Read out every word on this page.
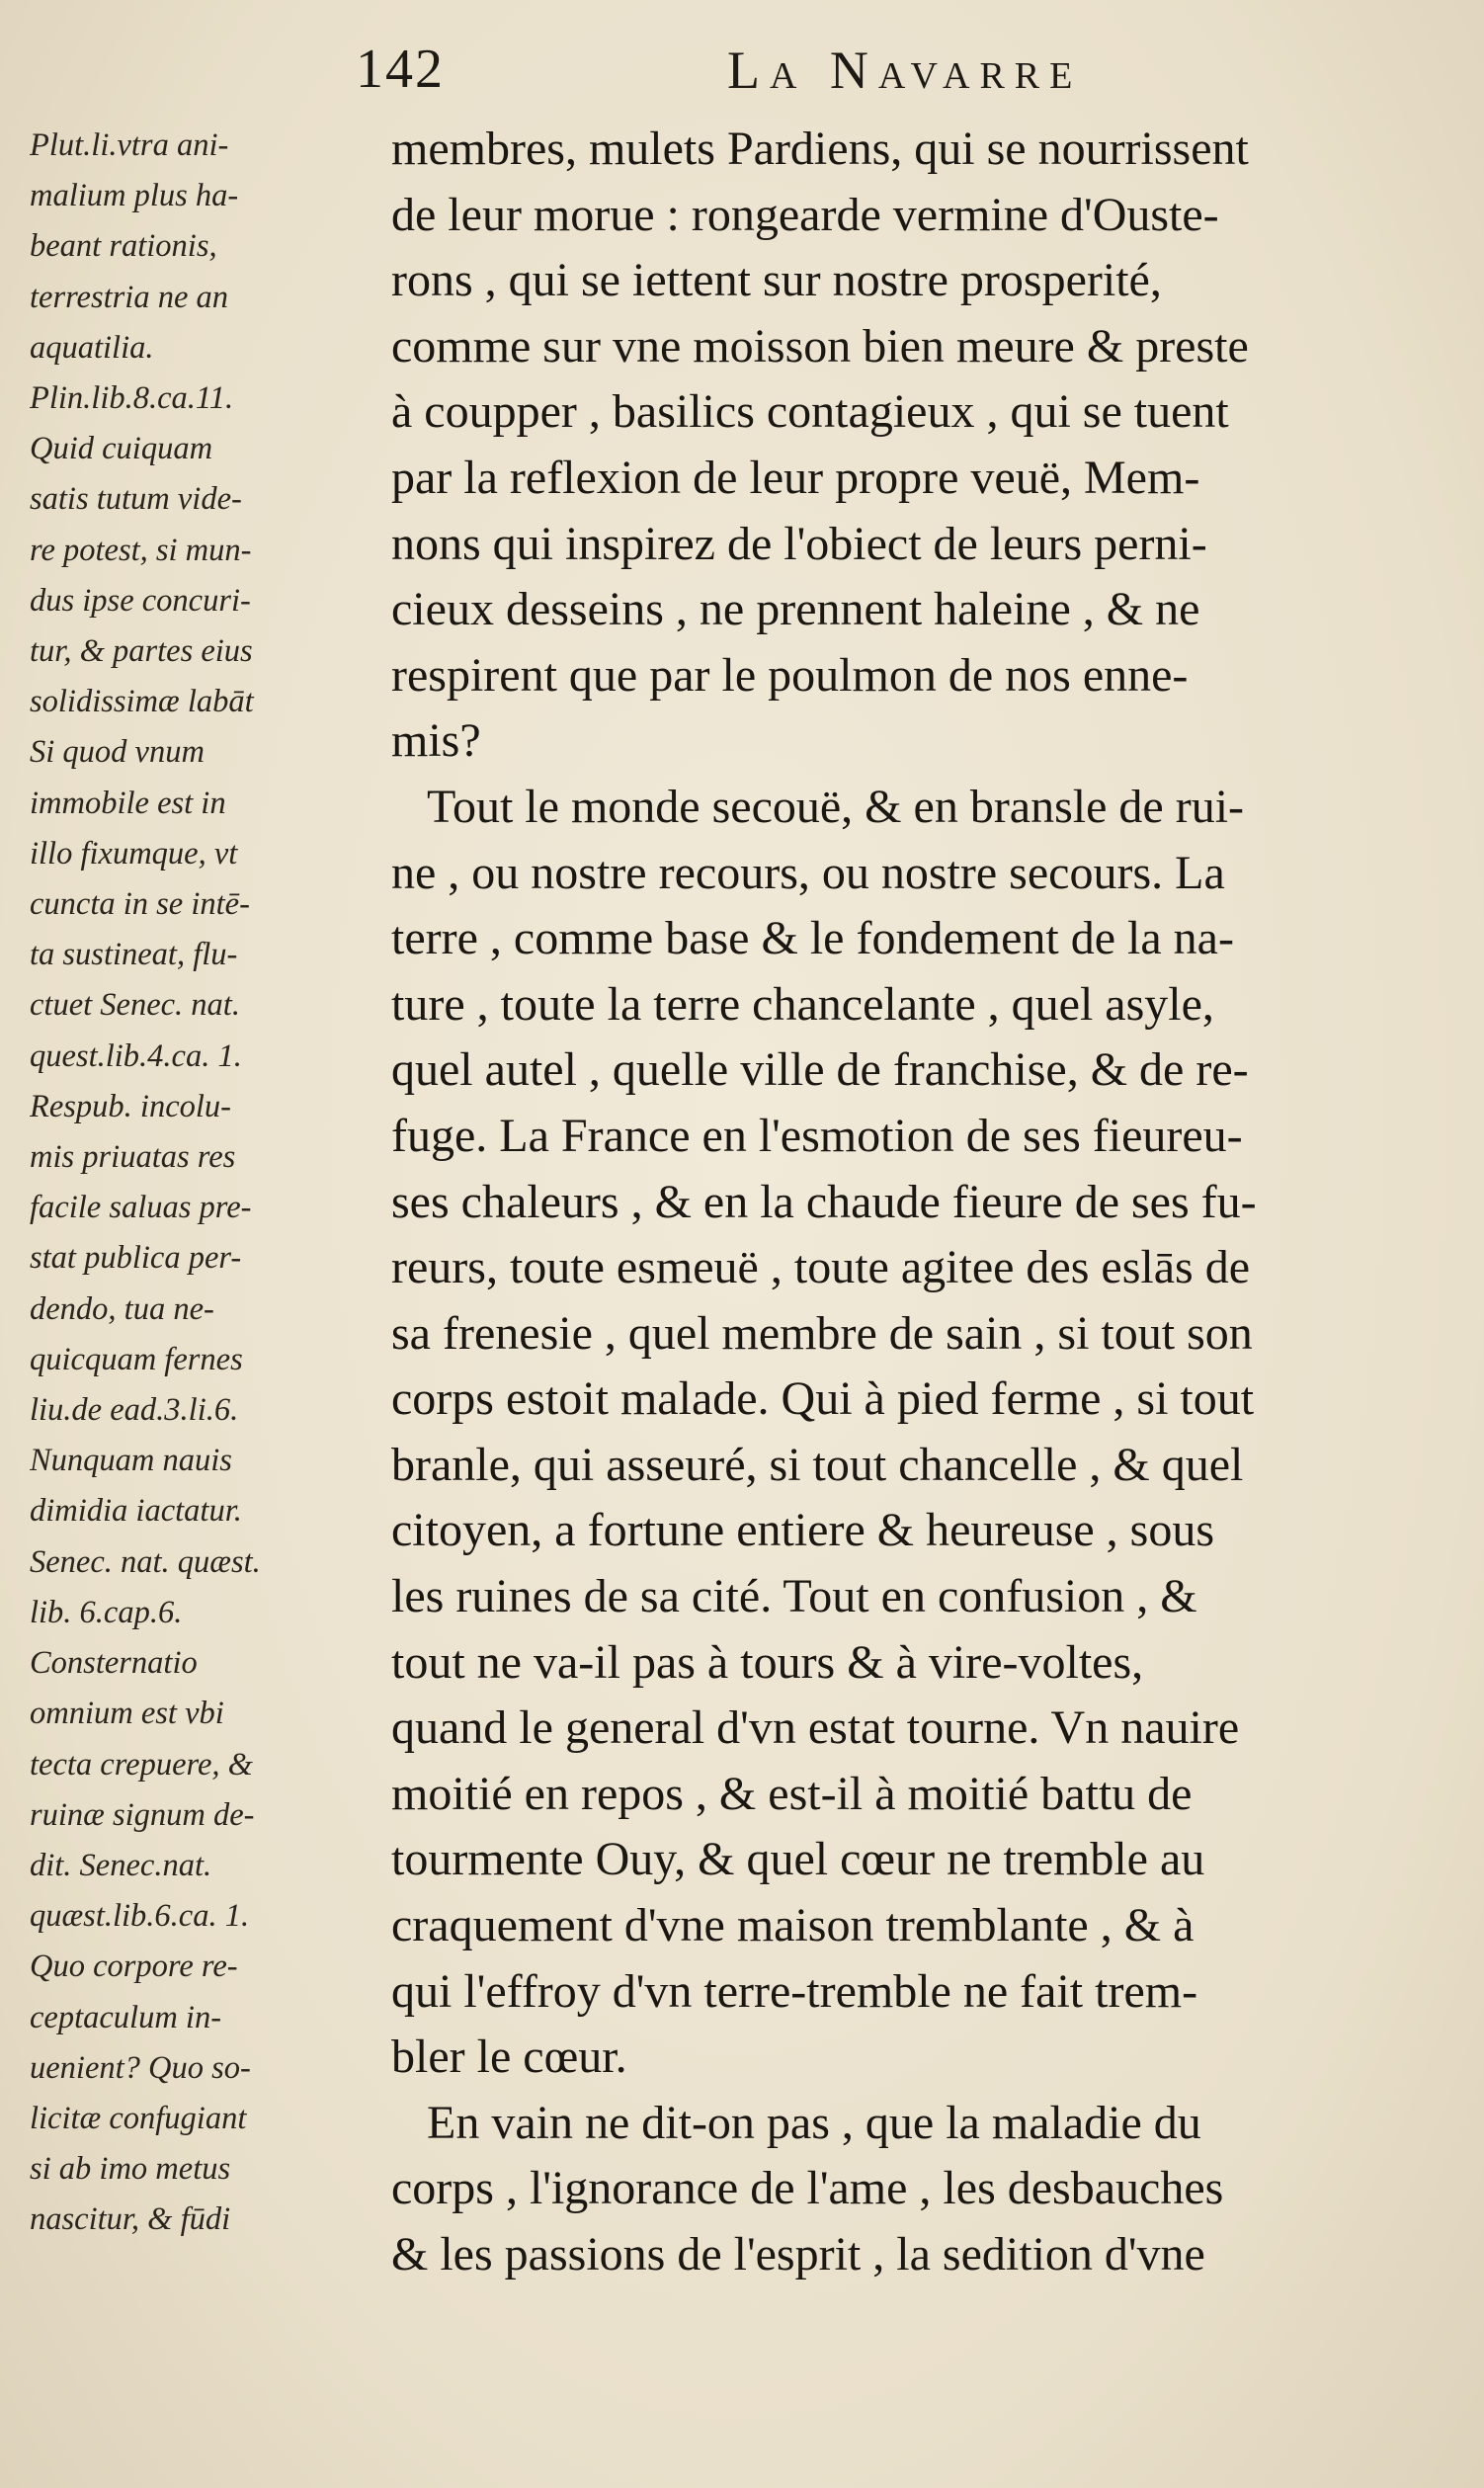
142	La Navarre
Plut.li.vtra ani-
malium plus ha-
beant rationis,
terrestria ne an
aquatilia.
Plin.lib.8.ca.11.
Quid cuiquam
satis tutum vide-
re potest, si mun-
dus ipse concuri-
tur, & partes eius
solidissimæ labāt
Si quod vnum
immobile est in
illo fixumque, vt
cuncta in se intē-
ta sustineat, flu-
ctuet Senec. nat.
quest.lib.4.ca. 1.
Respub. incolu-
mis priuatas res
facile saluas pre-
stat publica per-
dendo, tua ne-
quicquam fernes
liu.de ead.3.li.6.
Nunquam nauis
dimidia iactatur.
Senec. nat. quæst.
lib. 6.cap.6.
Consternatio
omnium est vbi
tecta crepuere, &
ruinæ signum de-
dit. Senec.nat.
quæst.lib.6.ca. 1.
Quo corpore re-
ceptaculum in-
uenient? Quo so-
licitæ confugiant
si ab imo metus
nascitur, & fūdi
membres, mulets Pardiens, qui se nourrissent
de leur morue : rongearde vermine d'Ouste-
rons , qui se iettent sur nostre prosperité,
comme sur vne moisson bien meure & preste
à coupper , basilics contagieux , qui se tuent
par la reflexion de leur propre veuë, Mem-
nons qui inspirez de l'obiect de leurs perni-
cieux desseins , ne prennent haleine , & ne
respirent que par le poulmon de nos enne-
mis?
Tout le monde secouë, & en bransle de rui-
ne , ou nostre recours, ou nostre secours. La
terre , comme base & le fondement de la na-
ture , toute la terre chancelante , quel asyle,
quel autel , quelle ville de franchise, & de re-
fuge. La France en l'esmotion de ses fieureu-
ses chaleurs , & en la chaude fieure de ses fu-
reurs, toute esmeuë , toute agitee des eslās de
sa frenesie , quel membre de sain , si tout son
corps estoit malade. Qui à pied ferme , si tout
branle, qui asseuré, si tout chancelle , & quel
citoyen, a fortune entiere & heureuse , sous
les ruines de sa cité. Tout en confusion , &
tout ne va-il pas à tours & à vire-voltes,
quand le general d'vn estat tourne. Vn nauire
moitié en repos , & est-il à moitié battu de
tourmente Ouy, & quel cœur ne tremble au
craquement d'vne maison tremblante , & à
qui l'effroy d'vn terre-tremble ne fait trem-
bler le cœur.
En vain ne dit-on pas , que la maladie du
corps , l'ignorance de l'ame , les desbauches
& les passions de l'esprit , la sedition d'vne
